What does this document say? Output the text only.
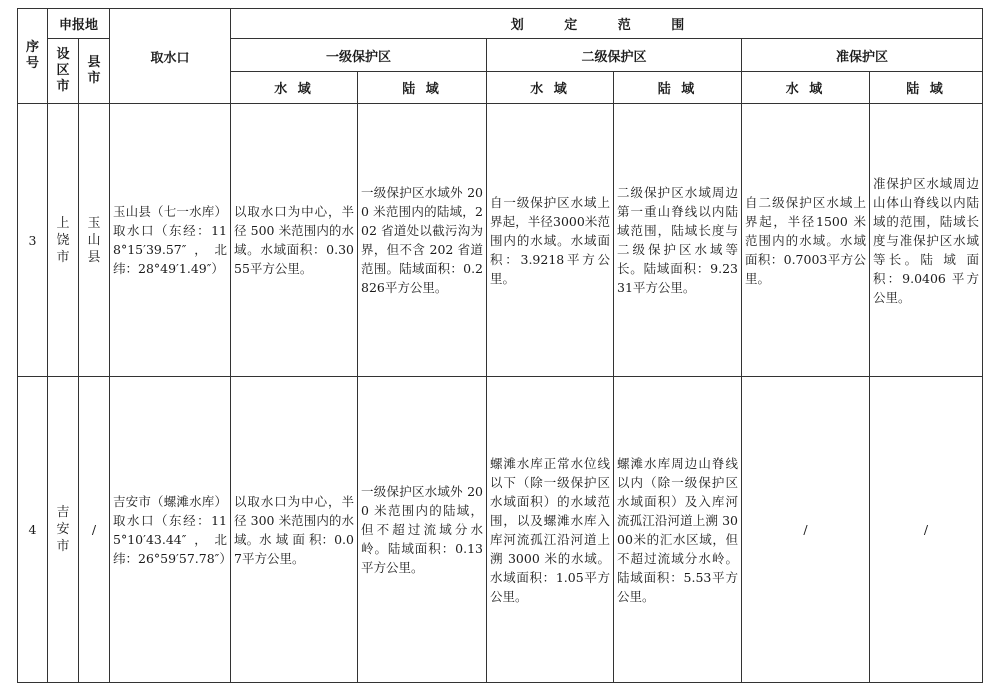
序号	申报地		取水口	划 定 范 围					
	设区市	县市		一级保护区		二级保护区		准保护区	
				水 域	陆 域	水 域	陆 域	水 域	陆 域
3	上饶市	玉山县	玉山县（七一水库）取水口（东经：118°15′39.57″，北 纬：28°49′1.49″）	以取水口为中心，半径 500 米范围内的水域。水域面积：0.3055平方公里。	一级保护区水域外 200 米范围内的陆域，202 省道处以截污沟为界，但不含 202 省道范围。陆域面积：0.2826平方公里。	自一级保护区水域上界起，半径3000米范围内的水域。水域面积：3.9218平方公里。	二级保护区水域周边第一重山脊线以内陆域范围，陆域长度与二级保护区水域等长。陆域面积：9.2331平方公里。	自二级保护区水域上界起，半径1500 米范围内的水域。水域面积：0.7003平方公里。	准保护区水域周边山体山脊线以内陆域的范围，陆域长度与准保护区水域等长。陆 域 面 积：9.0406 平方公里。
4	吉安市	/	吉安市（螺滩水库）取水口（东经：115°10′43.44″，北 纬：26°59′57.78″）	以取水口为中心，半径 300 米范围内的水域。水 域 面 积：0.07平方公里。	一级保护区水域外 200 米范围内的陆域，但不超过流域分水岭。陆域面积：0.13平方公里。	螺滩水库正常水位线以下（除一级保护区水域面积）的水域范围，以及螺滩水库入库河流孤江沿河道上溯 3000 米的水域。水域面积：1.05平方公里。	螺滩水库周边山脊线以内（除一级保护区水域面积）及入库河流孤江沿河道上溯 3000米的汇水区域，但不超过流域分水岭。陆域面积：5.53平方公里。	/	/
